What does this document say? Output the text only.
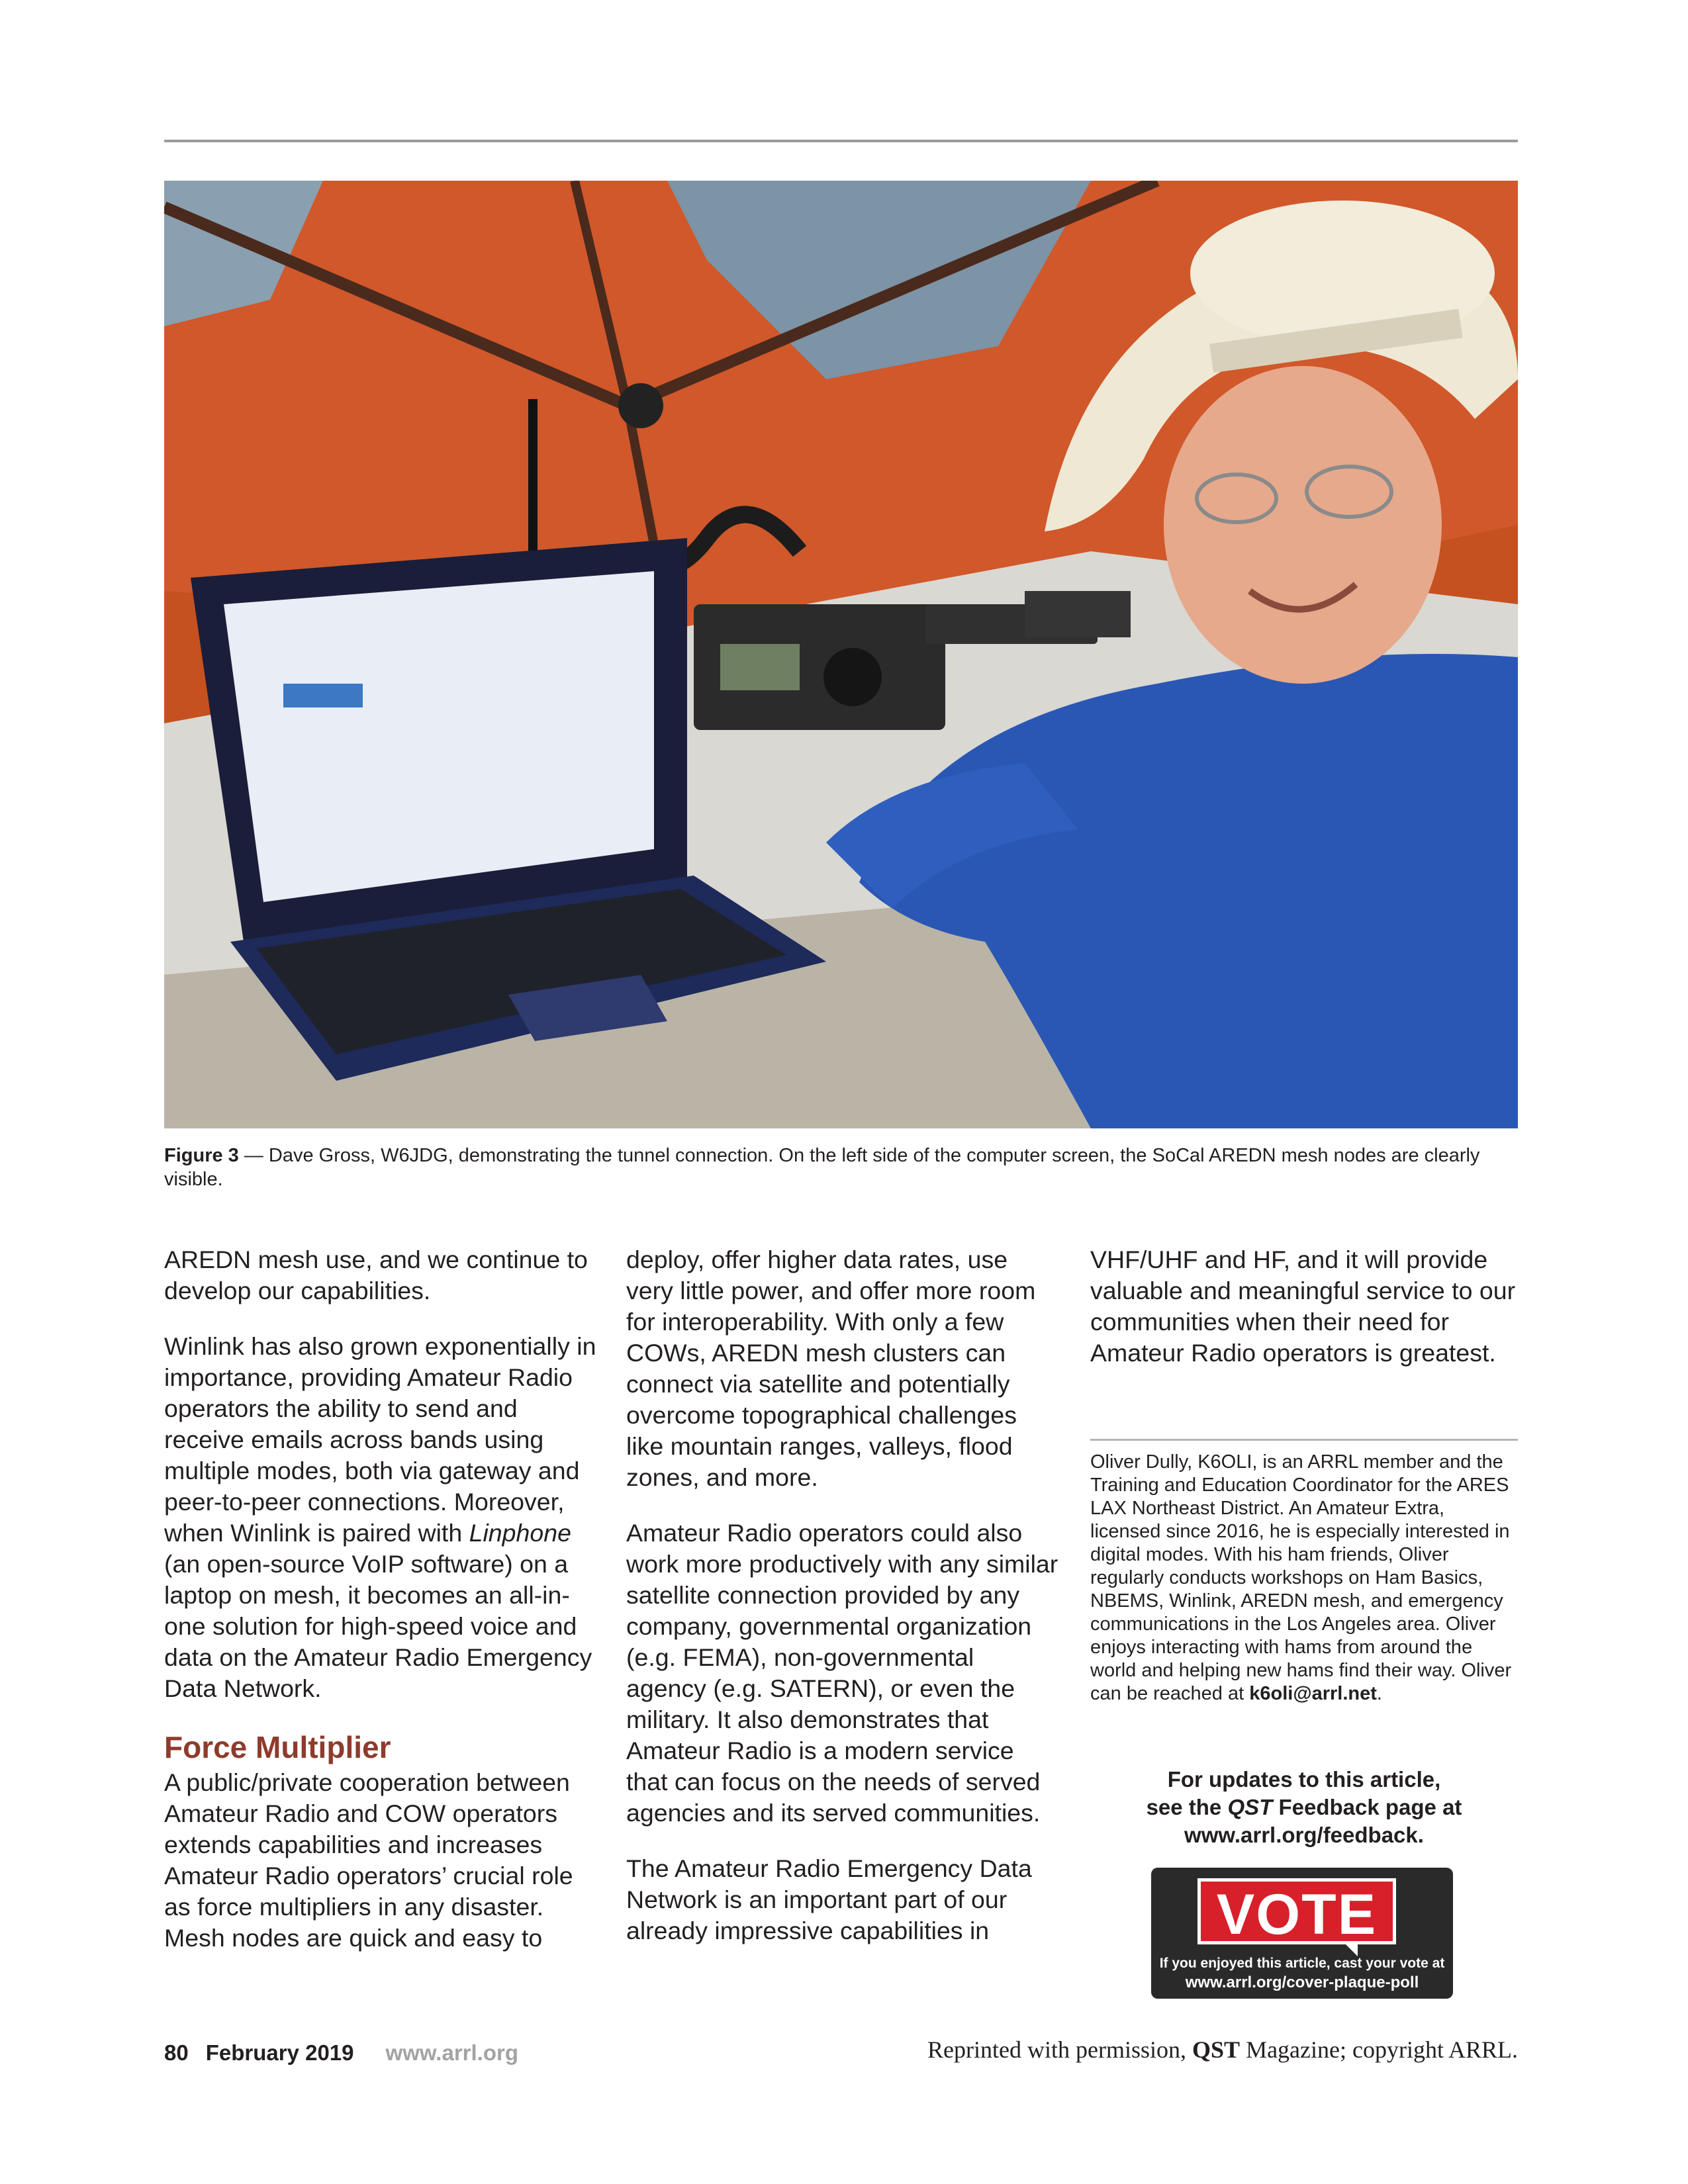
Figure 3 — Dave Gross, W6JDG, demonstrating the tunnel connection. On the left side of the computer screen, the SoCal AREDN mesh nodes are clearly visible.

AREDN mesh use, and we continue to develop our capabilities.

Winlink has also grown exponentially in importance, providing Amateur Radio operators the ability to send and receive emails across bands using multiple modes, both via gateway and peer-to-peer connections. Moreover, when Winlink is paired with Linphone (an open-source VoIP software) on a laptop on mesh, it becomes an all-in-one solution for high-speed voice and data on the Amateur Radio Emergency Data Network.

Force Multiplier

A public/private cooperation between Amateur Radio and COW operators extends capabilities and increases Amateur Radio operators’ crucial role as force multipliers in any disaster. Mesh nodes are quick and easy to

deploy, offer higher data rates, use very little power, and offer more room for interoperability. With only a few COWs, AREDN mesh clusters can connect via satellite and potentially overcome topographical challenges like mountain ranges, valleys, flood zones, and more.

Amateur Radio operators could also work more productively with any similar satellite connection provided by any company, governmental organization (e.g. FEMA), non-governmental agency (e.g. SATERN), or even the military. It also demonstrates that Amateur Radio is a modern service that can focus on the needs of served agencies and its served communities.

The Amateur Radio Emergency Data Network is an important part of our already impressive capabilities in

VHF/UHF and HF, and it will provide valuable and meaningful service to our communities when their need for Amateur Radio operators is greatest.

Oliver Dully, K6OLI, is an ARRL member and the Training and Education Coordinator for the ARES LAX Northeast District. An Amateur Extra, licensed since 2016, he is especially interested in digital modes. With his ham friends, Oliver regularly conducts workshops on Ham Basics, NBEMS, Winlink, AREDN mesh, and emergency communications in the Los Angeles area. Oliver enjoys interacting with hams from around the world and helping new hams find their way. Oliver can be reached at k6oli@arrl.net.
For updates to this article,
see the QST Feedback page at
www.arrl.org/feedback.
VOTE
If you enjoyed this article, cast your vote at
www.arrl.org/cover-plaque-poll
80 February 2019 www.arrl.org	Reprinted with permission, QST Magazine; copyright ARRL.
